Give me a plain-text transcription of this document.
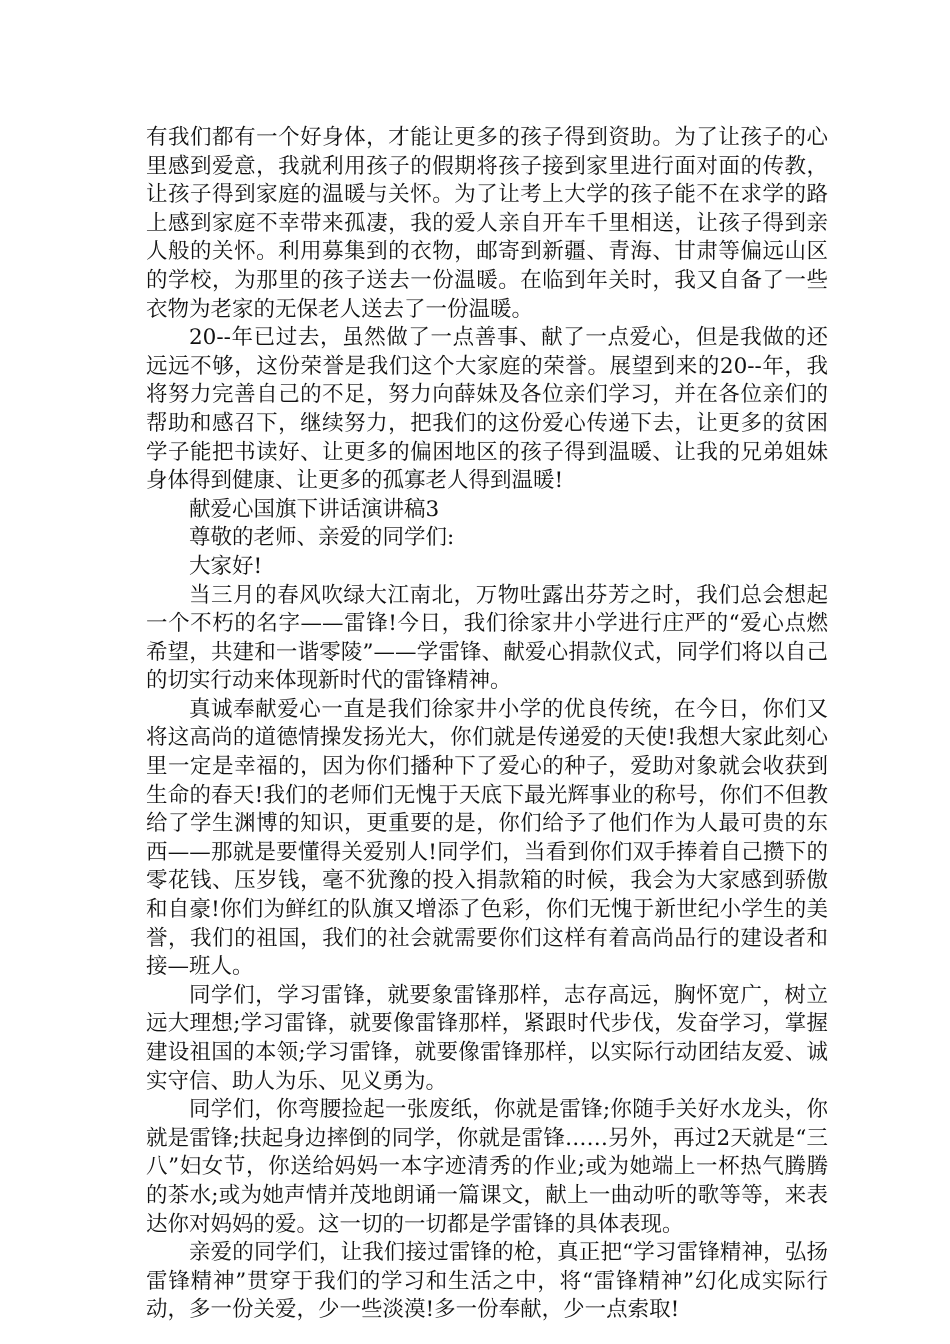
有我们都有一个好身体，才能让更多的孩子得到资助。为了让孩子的心里感到爱意，我就利用孩子的假期将孩子接到家里进行面对面的传教，让孩子得到家庭的温暖与关怀。为了让考上大学的孩子能不在求学的路上感到家庭不幸带来孤凄，我的爱人亲自开车千里相送，让孩子得到亲人般的关怀。利用募集到的衣物，邮寄到新疆、青海、甘肃等偏远山区的学校，为那里的孩子送去一份温暖。在临到年关时，我又自备了一些衣物为老家的无保老人送去了一份温暖。

20--年已过去，虽然做了一点善事、献了一点爱心，但是我做的还远远不够，这份荣誉是我们这个大家庭的荣誉。展望到来的20--年，我将努力完善自己的不足，努力向薛妹及各位亲们学习，并在各位亲们的帮助和感召下，继续努力，把我们的这份爱心传递下去，让更多的贫困学子能把书读好、让更多的偏困地区的孩子得到温暖、让我的兄弟姐妹身体得到健康、让更多的孤寡老人得到温暖!

献爱心国旗下讲话演讲稿3

尊敬的老师、亲爱的同学们:

大家好!

当三月的春风吹绿大江南北，万物吐露出芬芳之时，我们总会想起一个不朽的名字——雷锋!今日，我们徐家井小学进行庄严的“爱心点燃希望，共建和一谐零陵”——学雷锋、献爱心捐款仪式，同学们将以自己的切实行动来体现新时代的雷锋精神。

真诚奉献爱心一直是我们徐家井小学的优良传统，在今日，你们又将这高尚的道德情操发扬光大，你们就是传递爱的天使!我想大家此刻心里一定是幸福的，因为你们播种下了爱心的种子，爱助对象就会收获到生命的春天!我们的老师们无愧于天底下最光辉事业的称号，你们不但教给了学生渊博的知识，更重要的是，你们给予了他们作为人最可贵的东西——那就是要懂得关爱别人!同学们，当看到你们双手捧着自己攒下的零花钱、压岁钱，毫不犹豫的投入捐款箱的时候，我会为大家感到骄傲和自豪!你们为鲜红的队旗又增添了色彩，你们无愧于新世纪小学生的美誉，我们的祖国，我们的社会就需要你们这样有着高尚品行的建设者和接—班人。

同学们，学习雷锋，就要象雷锋那样，志存高远，胸怀宽广，树立远大理想;学习雷锋，就要像雷锋那样，紧跟时代步伐，发奋学习，掌握建设祖国的本领;学习雷锋，就要像雷锋那样，以实际行动团结友爱、诚实守信、助人为乐、见义勇为。

同学们，你弯腰捡起一张废纸，你就是雷锋;你随手关好水龙头，你就是雷锋;扶起身边摔倒的同学，你就是雷锋……另外，再过2天就是“三八”妇女节，你送给妈妈一本字迹清秀的作业;或为她端上一杯热气腾腾的茶水;或为她声情并茂地朗诵一篇课文，献上一曲动听的歌等等，来表达你对妈妈的爱。这一切的一切都是学雷锋的具体表现。

亲爱的同学们，让我们接过雷锋的枪，真正把“学习雷锋精神，弘扬雷锋精神”贯穿于我们的学习和生活之中，将“雷锋精神”幻化成实际行动，多一份关爱，少一些淡漠!多一份奉献，少一点索取!
